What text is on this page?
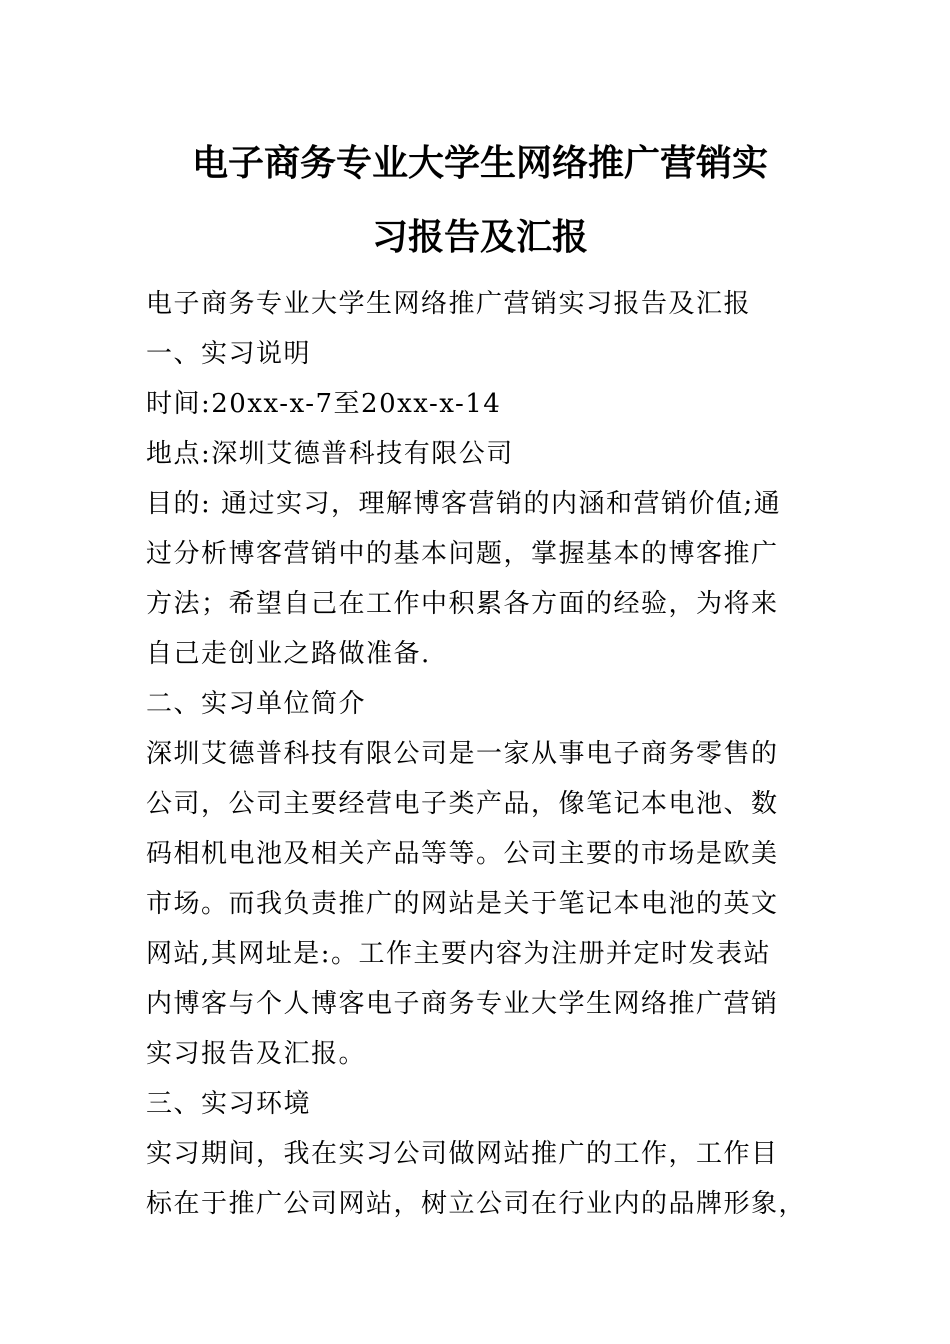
电子商务专业大学生网络推广营销实
习报告及汇报

电子商务专业大学生网络推广营销实习报告及汇报

一、实习说明

时间:20xx-x-7至20xx-x-14

地点:深圳艾德普科技有限公司

目的: 通过实习，理解博客营销的内涵和营销价值;通

过分析博客营销中的基本问题，掌握基本的博客推广

方法；希望自己在工作中积累各方面的经验，为将来

自己走创业之路做准备.

二、实习单位简介

深圳艾德普科技有限公司是一家从事电子商务零售的

公司，公司主要经营电子类产品，像笔记本电池、数

码相机电池及相关产品等等。公司主要的市场是欧美

市场。而我负责推广的网站是关于笔记本电池的英文

网站,其网址是:。工作主要内容为注册并定时发表站

内博客与个人博客电子商务专业大学生网络推广营销

实习报告及汇报。

三、实习环境

实习期间，我在实习公司做网站推广的工作，工作目

标在于推广公司网站，树立公司在行业内的品牌形象，
